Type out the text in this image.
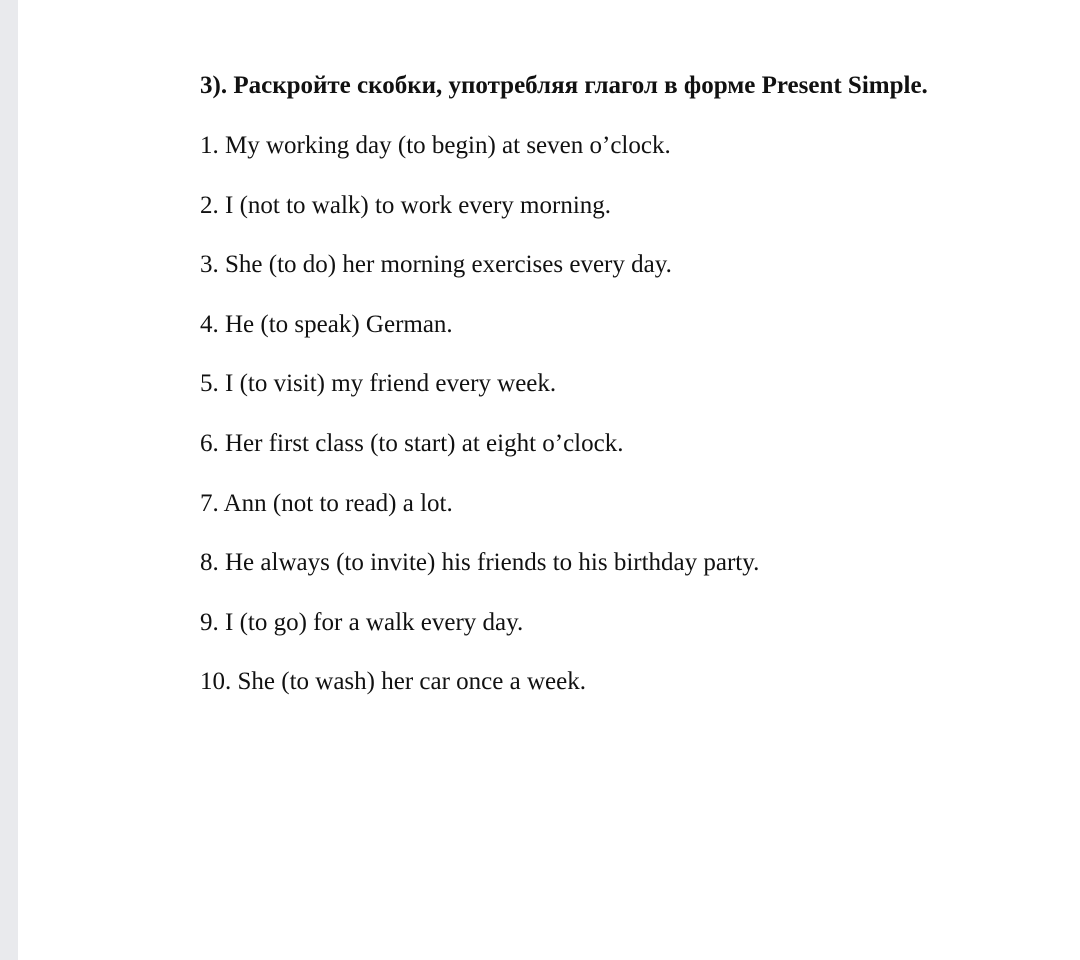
3). Раскройте скобки, употребляя глагол в форме Present Simple.
1. My working day (to begin) at seven o’clock.
2. I (not to walk) to work every morning.
3. She (to do) her morning exercises every day.
4. He (to speak) German.
5. I (to visit) my friend every week.
6. Her first class (to start) at eight o’clock.
7. Ann (not to read) a lot.
8. He always (to invite) his friends to his birthday party.
9. I (to go) for a walk every day.
10. She (to wash) her car once a week.
